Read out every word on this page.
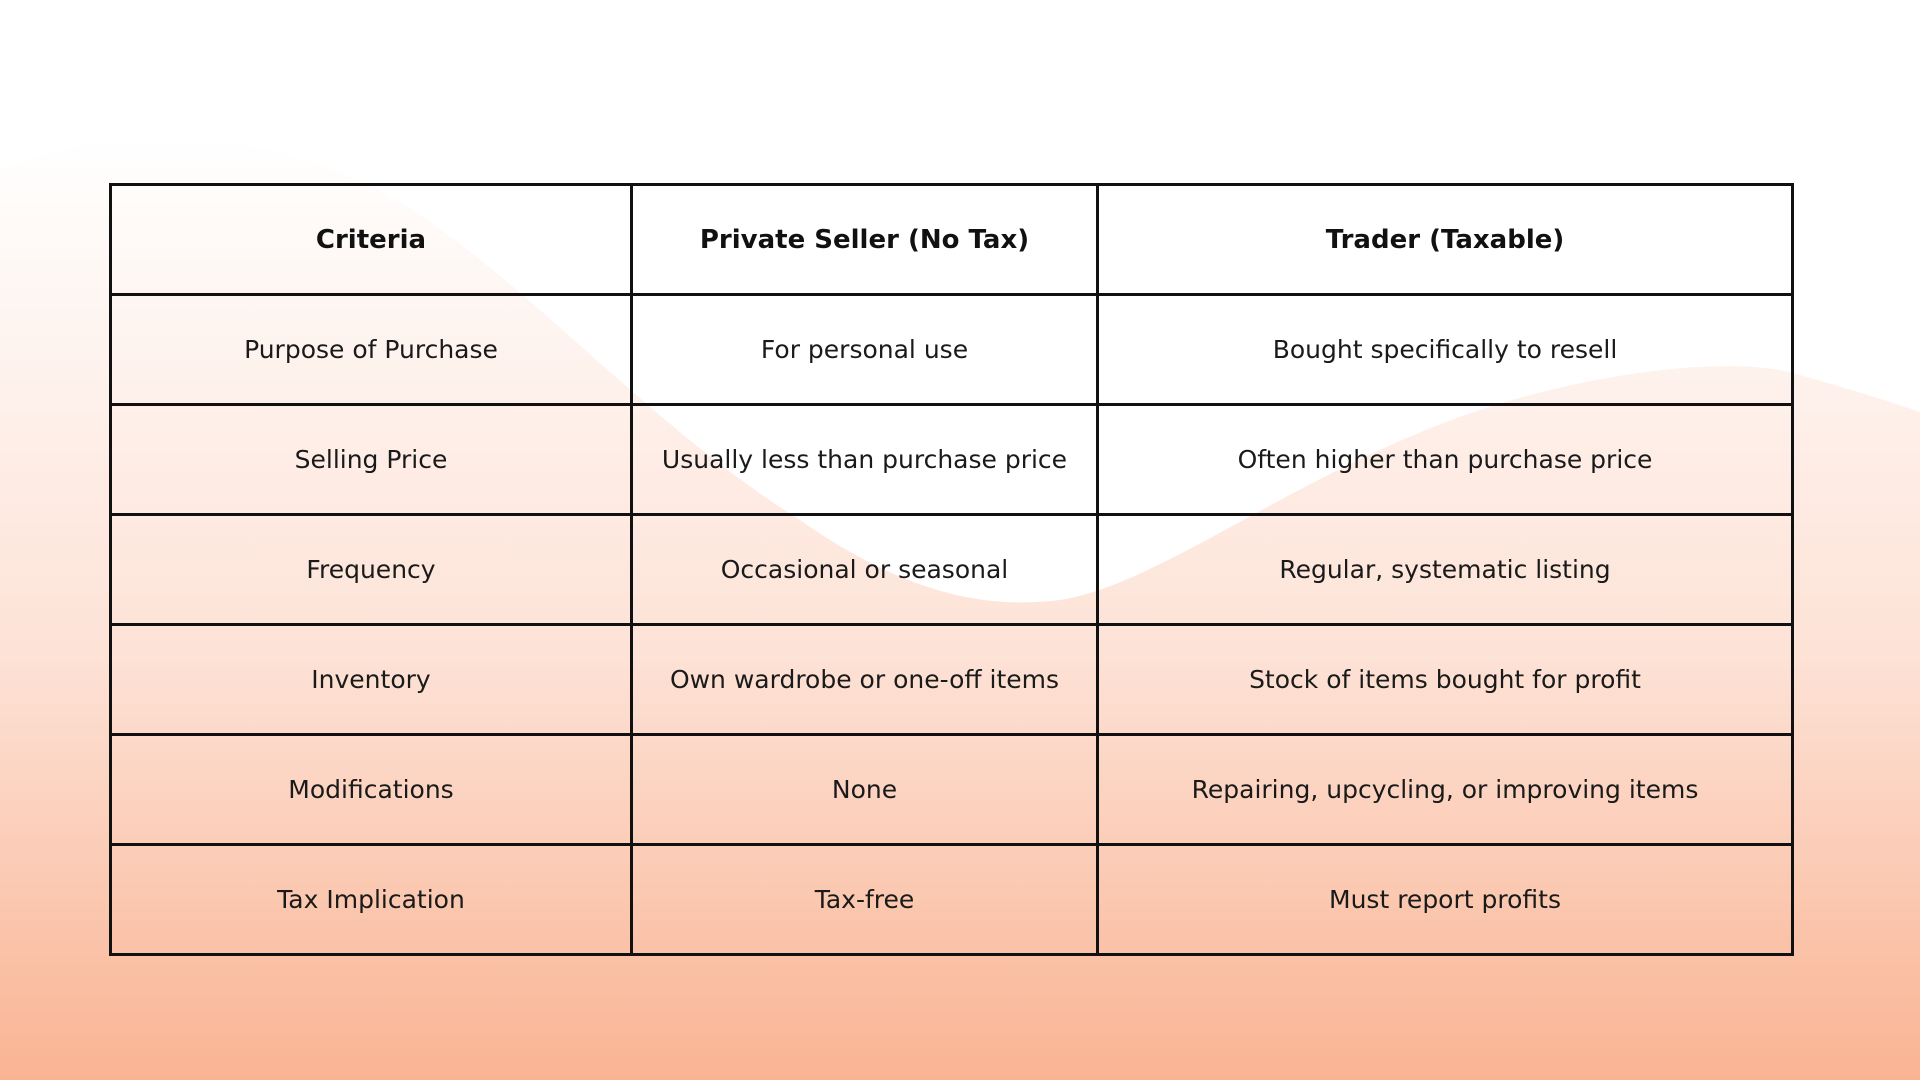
Criteria	Private Seller (No Tax)	Trader (Taxable)
Purpose of Purchase	For personal use	Bought specifically to resell
Selling Price	Usually less than purchase price	Often higher than purchase price
Frequency	Occasional or seasonal	Regular, systematic listing
Inventory	Own wardrobe or one-off items	Stock of items bought for profit
Modifications	None	Repairing, upcycling, or improving items
Tax Implication	Tax-free	Must report profits
